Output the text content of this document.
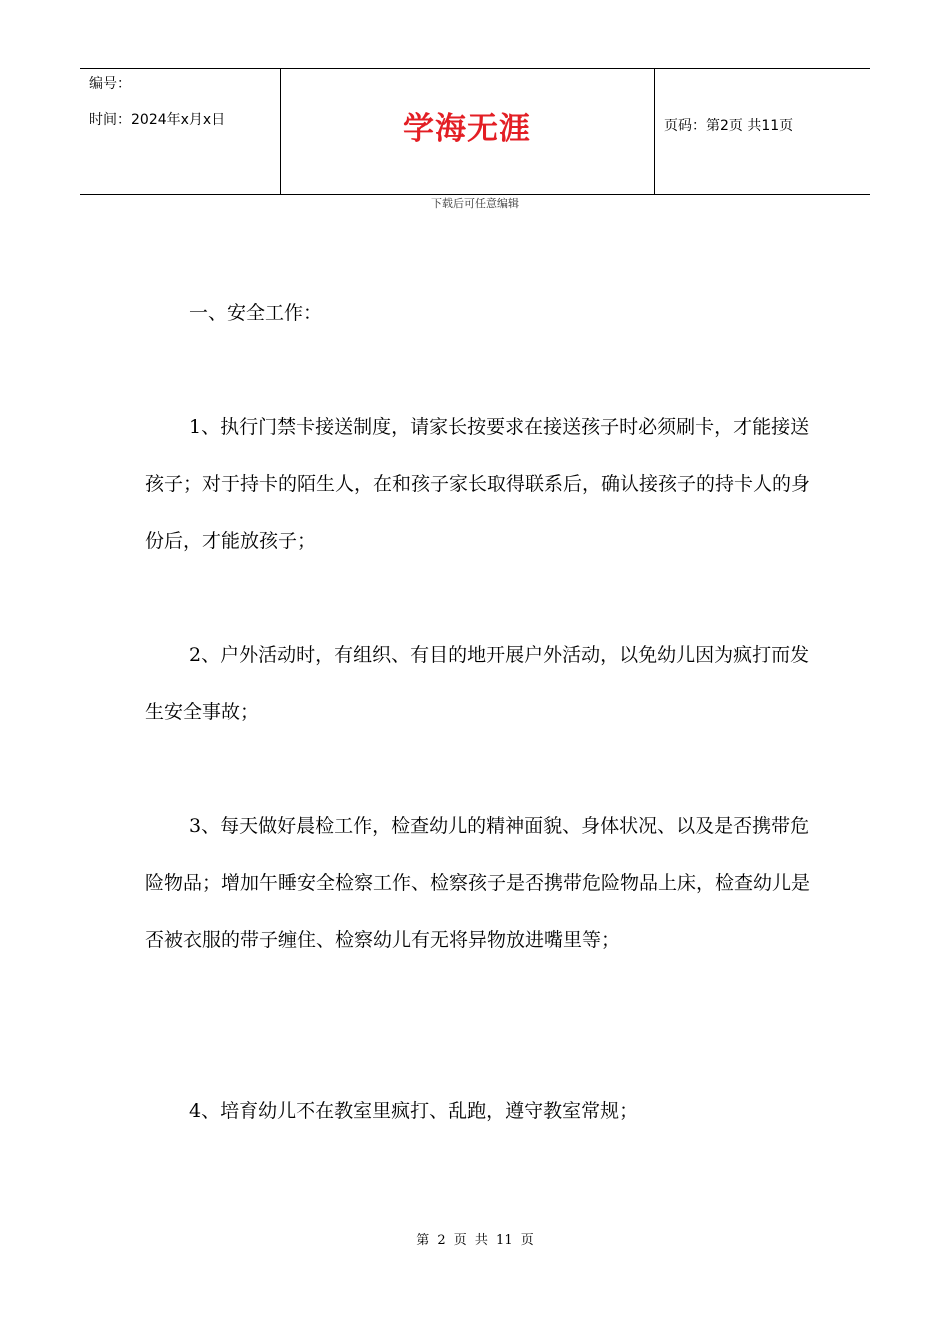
编号：
时间：2024年x月x日	学海无涯	页码：第2页 共11页
下载后可任意编辑

一、安全工作：

1、执行门禁卡接送制度，请家长按要求在接送孩子时必须刷卡，才能接送孩子；对于持卡的陌生人，在和孩子家长取得联系后，确认接孩子的持卡人的身份后，才能放孩子；

2、户外活动时，有组织、有目的地开展户外活动，以免幼儿因为疯打而发生安全事故；

3、每天做好晨检工作，检查幼儿的精神面貌、身体状况、以及是否携带危险物品；增加午睡安全检察工作、检察孩子是否携带危险物品上床，检查幼儿是否被衣服的带子缠住、检察幼儿有无将异物放进嘴里等；

4、培育幼儿不在教室里疯打、乱跑，遵守教室常规；

第 2 页 共 11 页
